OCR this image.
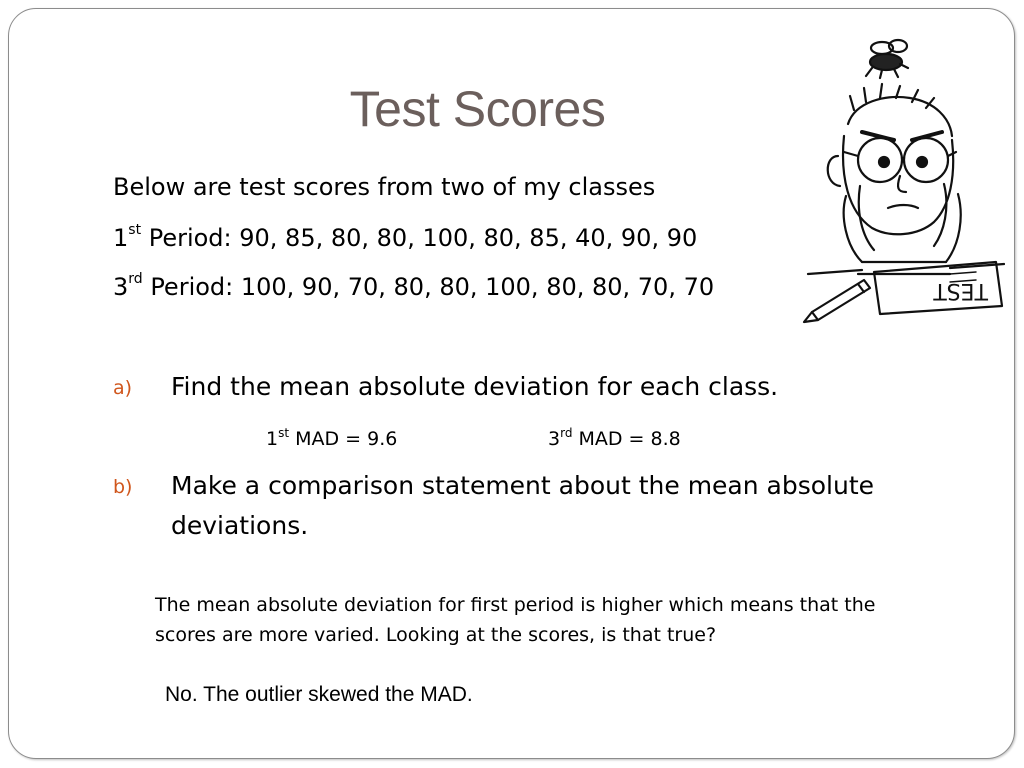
Test Scores
Below are test scores from two of my classes
1st Period: 90, 85, 80, 80, 100, 80, 85, 40, 90, 90
3rd Period: 100, 90, 70, 80, 80, 100, 80, 80, 70, 70
a) Find the mean absolute deviation for each class.
1st MAD = 9.6	3rd MAD = 8.8
b) Make a comparison statement about the mean absolute deviations.
The mean absolute deviation for first period is higher which means that the scores are more varied. Looking at the scores, is that true?
No. The outlier skewed the MAD.
TEST
